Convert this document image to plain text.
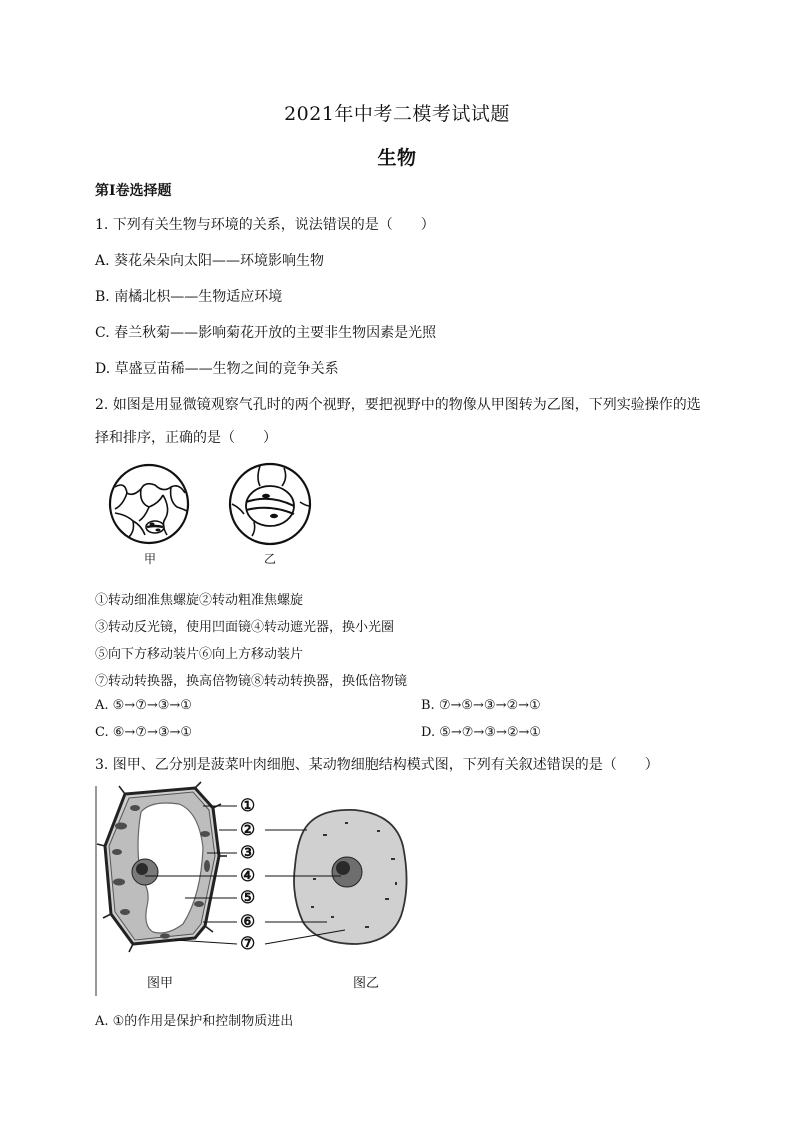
2021年中考二模考试试题
生物
第I卷选择题
1. 下列有关生物与环境的关系，说法错误的是（　　）
A. 葵花朵朵向太阳——环境影响生物
B. 南橘北枳——生物适应环境
C. 春兰秋菊——影响菊花开放的主要非生物因素是光照
D. 草盛豆苗稀——生物之间的竞争关系
2. 如图是用显微镜观察气孔时的两个视野，要把视野中的物像从甲图转为乙图，下列实验操作的选
择和排序，正确的是（　　）
甲	乙
①转动细准焦螺旋②转动粗准焦螺旋
③转动反光镜，使用凹面镜④转动遮光器，换小光圈
⑤向下方移动装片⑥向上方移动装片
⑦转动转换器，换高倍物镜⑧转动转换器，换低倍物镜
A. ⑤→⑦→③→①	B. ⑦→⑤→③→②→①
C. ⑥→⑦→③→①	D. ⑤→⑦→③→②→①
3. 图甲、乙分别是菠菜叶肉细胞、某动物细胞结构模式图，下列有关叙述错误的是（　　）
①
②
③
④
⑤
⑥
⑦
图甲	图乙
A. ①的作用是保护和控制物质进出
